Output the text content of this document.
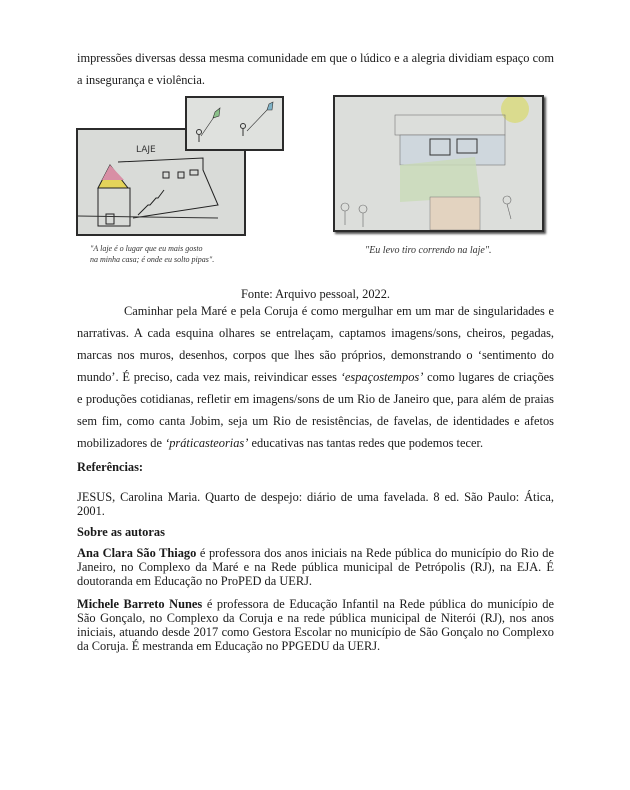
impressões diversas dessa mesma comunidade em que o lúdico e a alegria dividiam espaço com a insegurança e violência.
LAJE
"A laje é o lugar que eu mais gosto
na minha casa; é onde eu solto pipas".
"Eu levo tiro correndo na laje".
Fonte: Arquivo pessoal, 2022.
Caminhar pela Maré e pela Coruja é como mergulhar em um mar de singularidades e narrativas. A cada esquina olhares se entrelaçam, captamos imagens/sons, cheiros, pegadas, marcas nos muros, desenhos, corpos que lhes são próprios, demonstrando o ‘sentimento do mundo’. É preciso, cada vez mais, reivindicar esses ‘espaçostempos’ como lugares de criações e produções cotidianas, refletir em imagens/sons de um Rio de Janeiro que, para além de praias sem fim, como canta Jobim, seja um Rio de resistências, de favelas, de identidades e afetos mobilizadores de ‘práticasteorias’ educativas nas tantas redes que podemos tecer.
Referências:
JESUS, Carolina Maria. Quarto de despejo: diário de uma favelada. 8 ed. São Paulo: Ática, 2001.
Sobre as autoras
Ana Clara São Thiago é professora dos anos iniciais na Rede pública do município do Rio de Janeiro, no Complexo da Maré e na Rede pública municipal de Petrópolis (RJ), na EJA. É doutoranda em Educação no ProPED da UERJ.
Michele Barreto Nunes é professora de Educação Infantil na Rede pública do município de São Gonçalo, no Complexo da Coruja e na rede pública municipal de Niterói (RJ), nos anos iniciais, atuando desde 2017 como Gestora Escolar no município de São Gonçalo no Complexo da Coruja. É mestranda em Educação no PPGEDU da UERJ.
